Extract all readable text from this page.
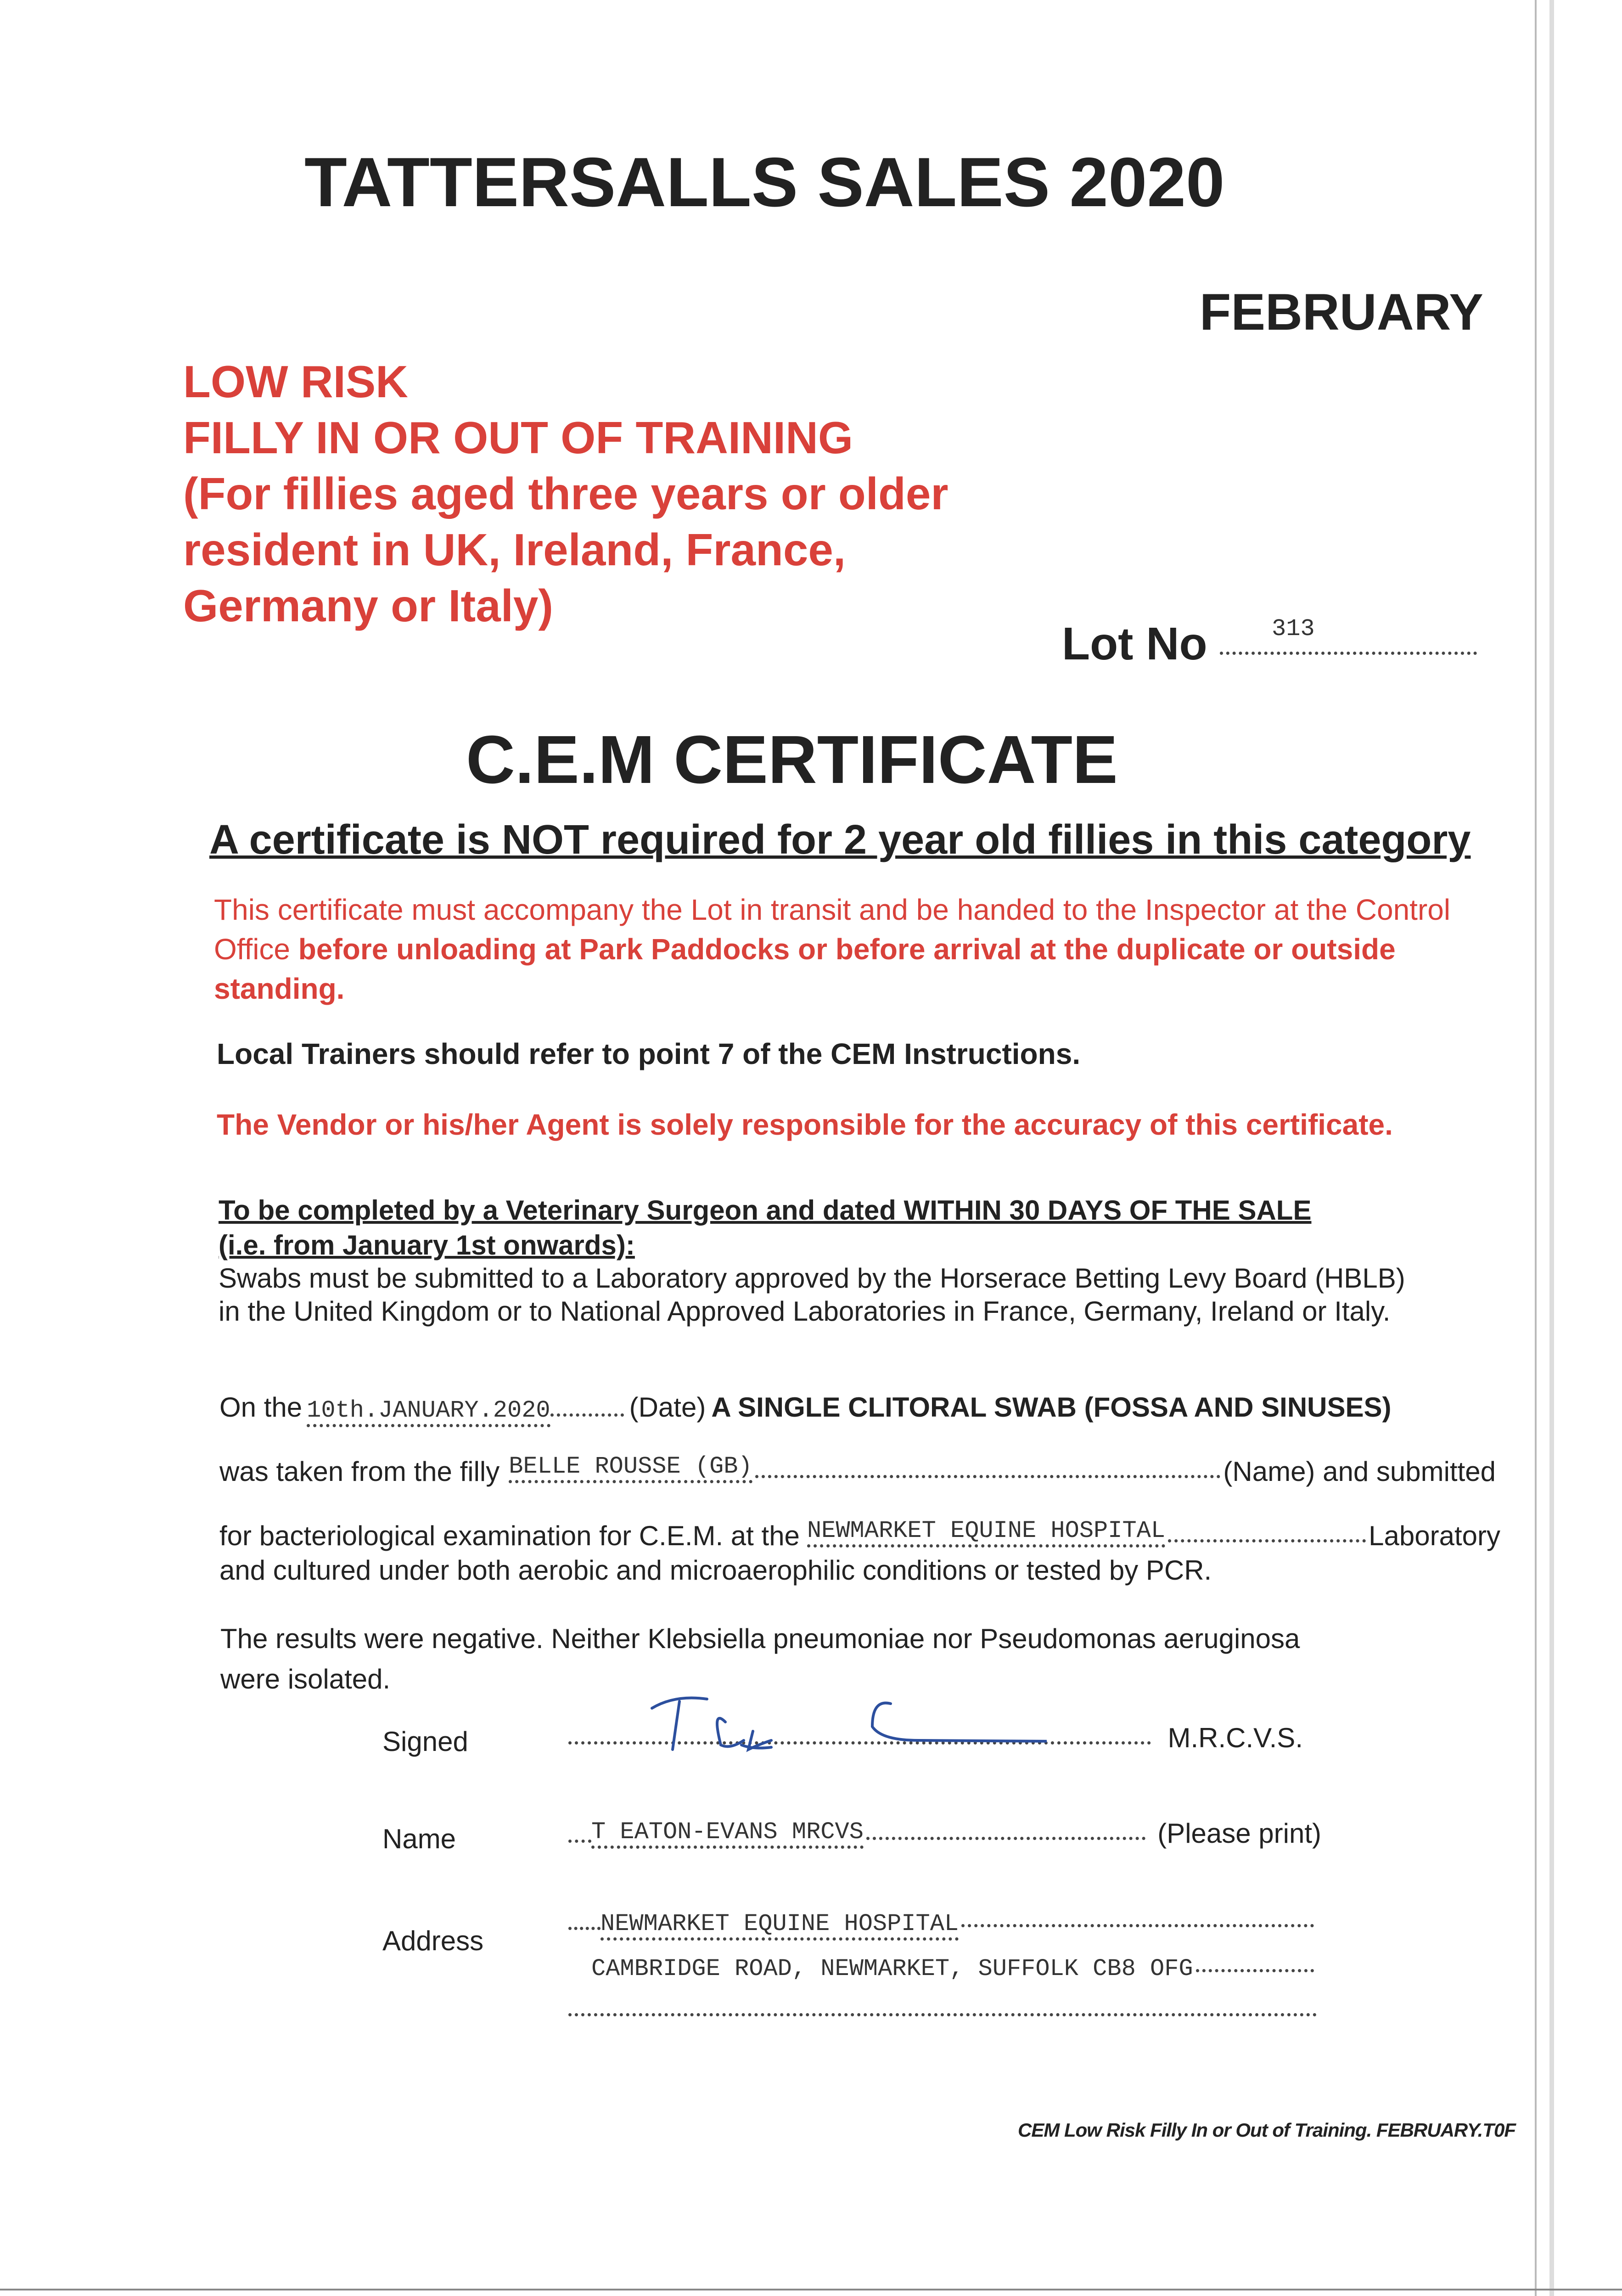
TATTERSALLS SALES 2020
FEBRUARY
LOW RISK
FILLY IN OR OUT OF TRAINING
(For fillies aged three years or older
resident in UK, Ireland, France,
Germany or Italy)
Lot No	313
C.E.M CERTIFICATE
A certificate is NOT required for 2 year old fillies in this category
This certificate must accompany the Lot in transit and be handed to the Inspector at the Control Office before unloading at Park Paddocks or before arrival at the duplicate or outside standing.
Local Trainers should refer to point 7 of the CEM Instructions.
The Vendor or his/her Agent is solely responsible for the accuracy of this certificate.
To be completed by a Veterinary Surgeon and dated WITHIN 30 DAYS OF THE SALE
(i.e. from January 1st onwards):
Swabs must be submitted to a Laboratory approved by the Horserace Betting Levy Board (HBLB)
in the United Kingdom or to National Approved Laboratories in France, Germany, Ireland or Italy.
On the 10th.JANUARY.2020	(Date) A SINGLE CLITORAL SWAB (FOSSA AND SINUSES)
was taken from the filly BELLE ROUSSE (GB)	(Name) and submitted
for bacteriological examination for C.E.M. at the NEWMARKET EQUINE HOSPITAL	Laboratory
and cultured under both aerobic and microaerophilic conditions or tested by PCR.
The results were negative. Neither Klebsiella pneumoniae nor Pseudomonas aeruginosa
were isolated.
Signed	M.R.C.V.S.
Name	T EATON-EVANS MRCVS	(Please print)
Address
NEWMARKET EQUINE HOSPITAL
CAMBRIDGE ROAD, NEWMARKET, SUFFOLK CB8 OFG
CEM Low Risk Filly In or Out of Training. FEBRUARY.T0F
